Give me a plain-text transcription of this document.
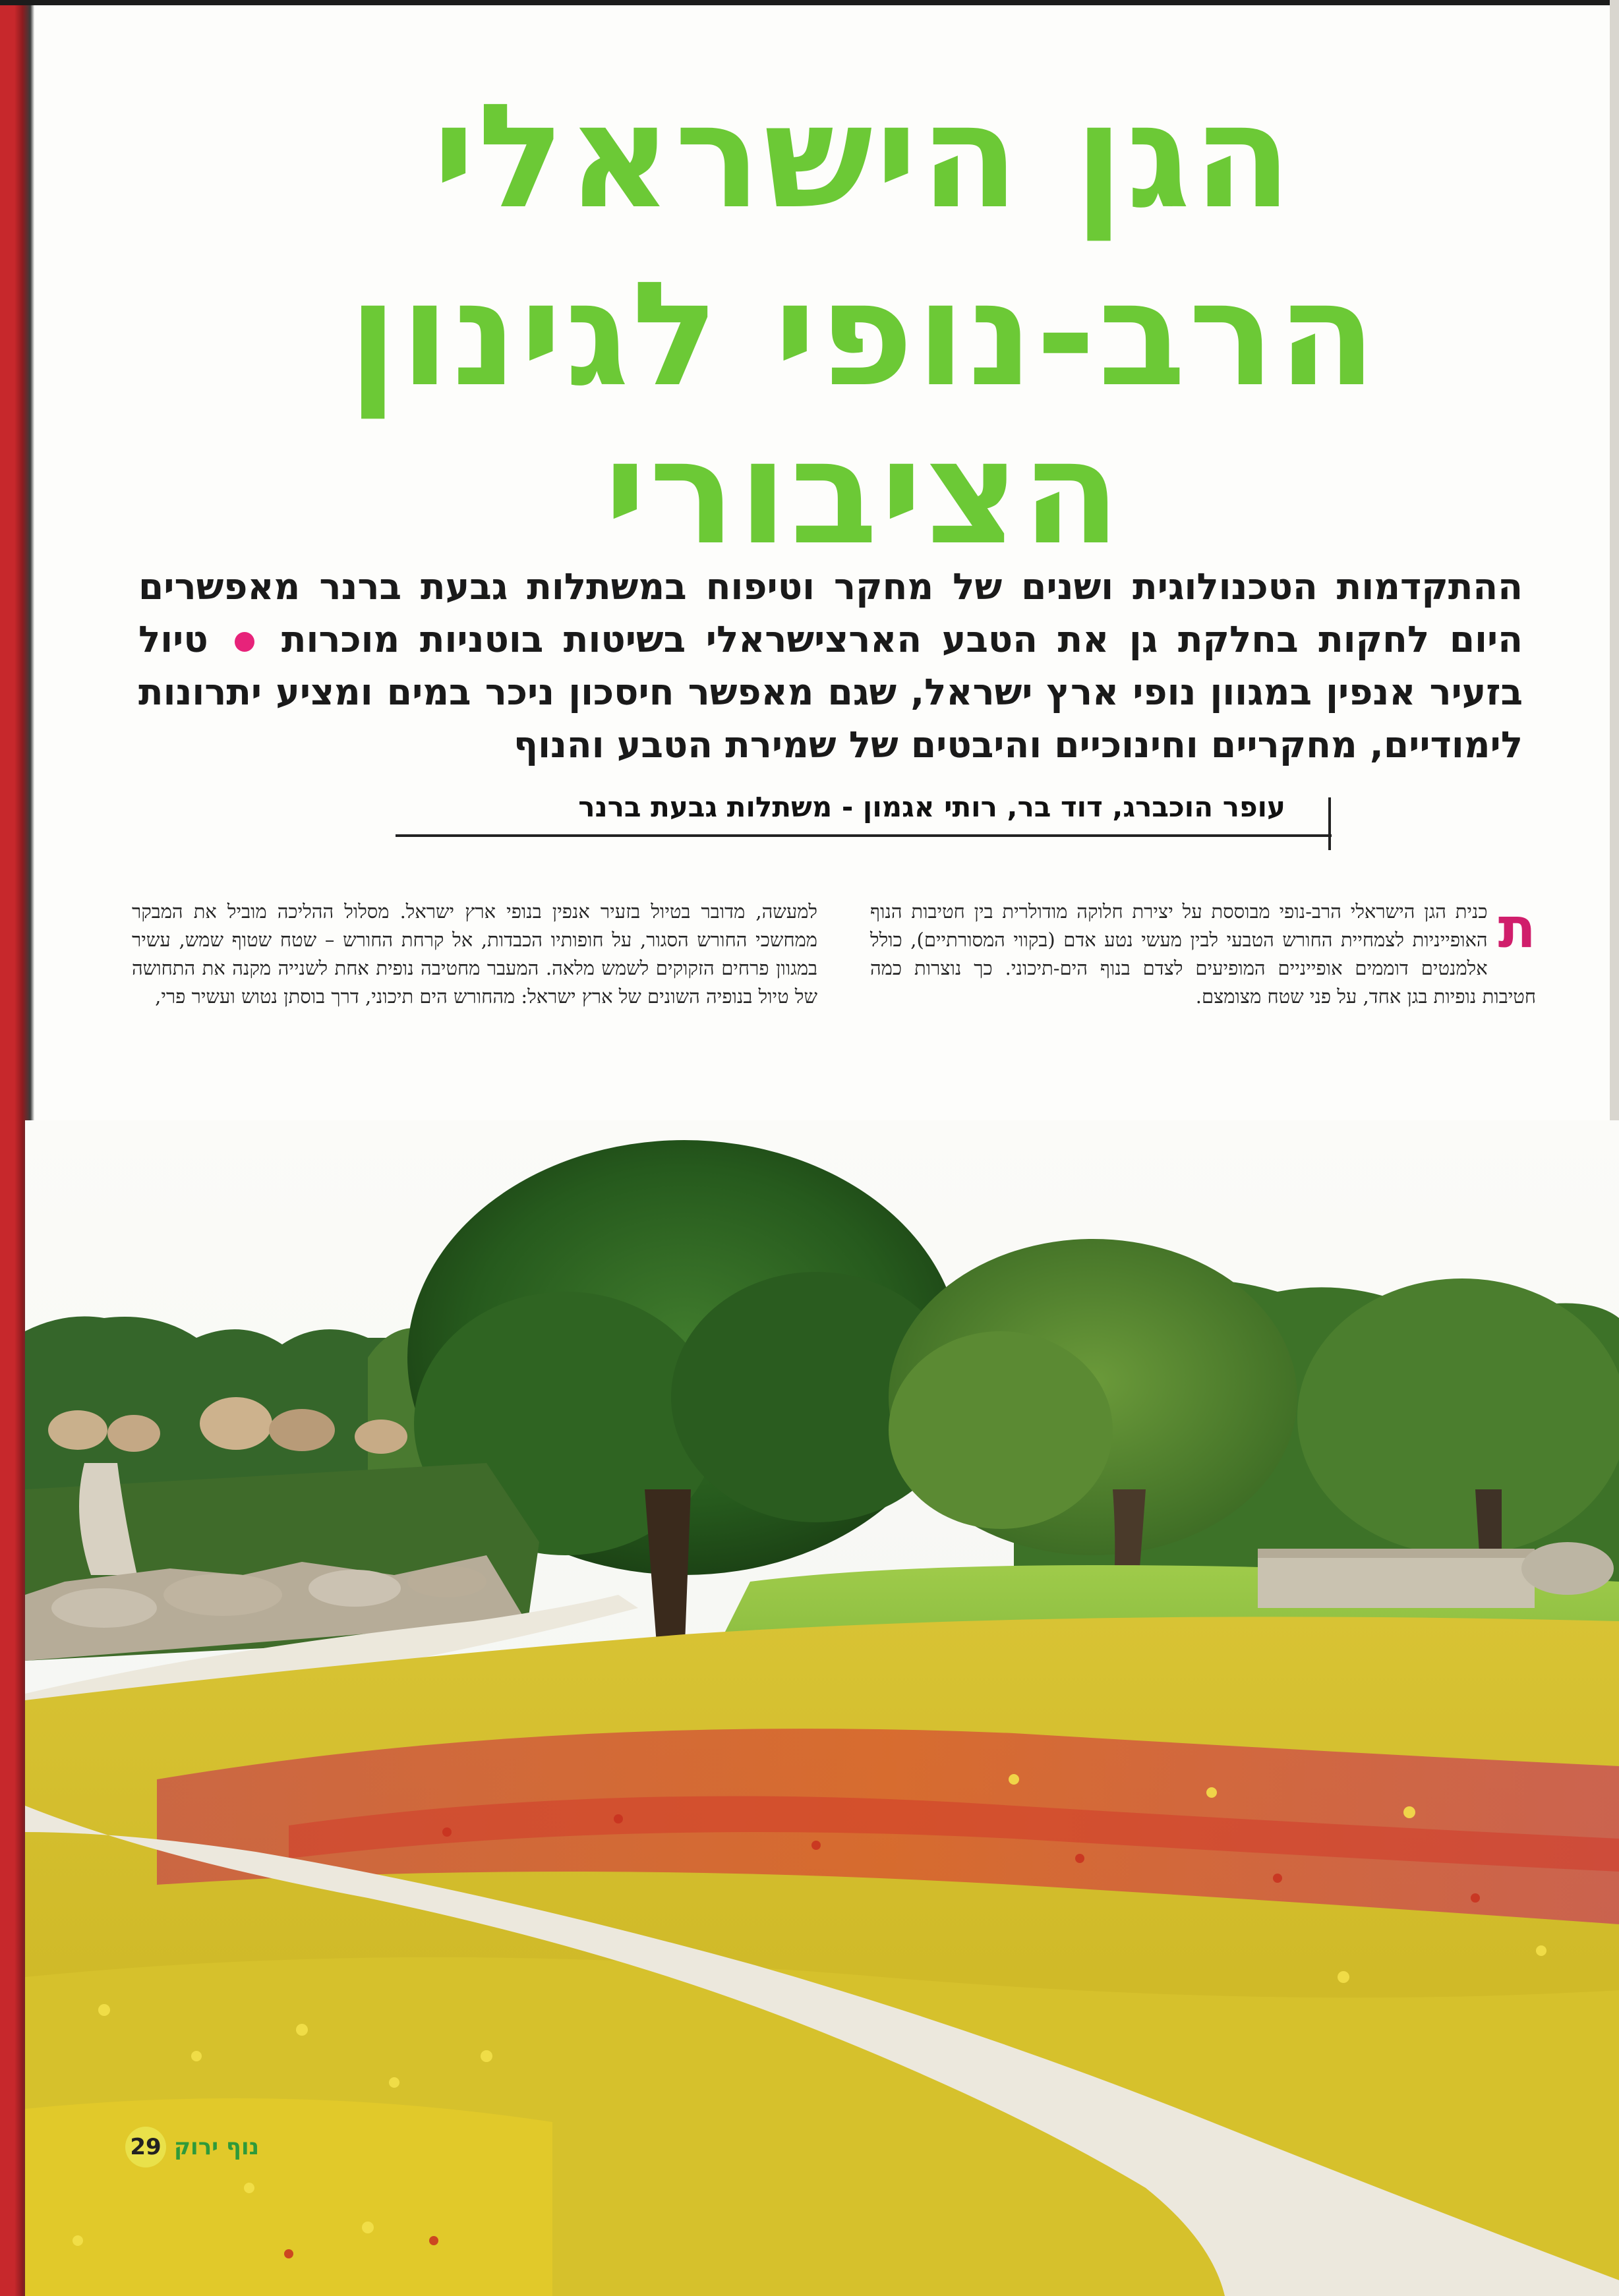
הגן הישראלי
הרב-נופי לגינון
הציבורי
ההתקדמות הטכנולוגית ושנים של מחקר וטיפוח במשתלות גבעת ברנר מאפשרים היום לחקות בחלקת גן את הטבע הארצישראלי בשיטות בוטניות מוכרות  טיול בזעיר אנפין במגוון נופי ארץ ישראל, שגם מאפשר חיסכון ניכר במים ומציע יתרונות לימודיים, מחקריים וחינוכיים והיבטים של שמירת הטבע והנוף
עופר הוכברג, דוד בר, רותי אגמון - משתלות גבעת ברנר
ת
כנית הגן הישראלי הרב-נופי מבוססת על יצירת חלוקה מודולרית בין חטיבות הנוף האופייניות לצמחיית החורש הטבעי לבין מעשי נטע אדם (בקווי המסורתיים), כולל אלמנטים דוממים אופייניים המופיעים לצדם בנוף הים-תיכוני. כך נוצרות כמה חטיבות נופיות בגן אחד, על פני שטח מצומצם.
למעשה, מדובר בטיול בזעיר אנפין בנופי ארץ ישראל. מסלול ההליכה מוביל את המבקר ממחשכי החורש הסגור, על חופותיו הכבדות, אל קרחת החורש – שטח שטוף שמש, עשיר במגוון פרחים הזקוקים לשמש מלאה. המעבר מחטיבה נופית אחת לשנייה מקנה את התחושה של טיול בנופיה השונים של ארץ ישראל: מהחורש הים תיכוני, דרך בוסתן נטוש ועשיר פרי,
29 נוף ירוק
